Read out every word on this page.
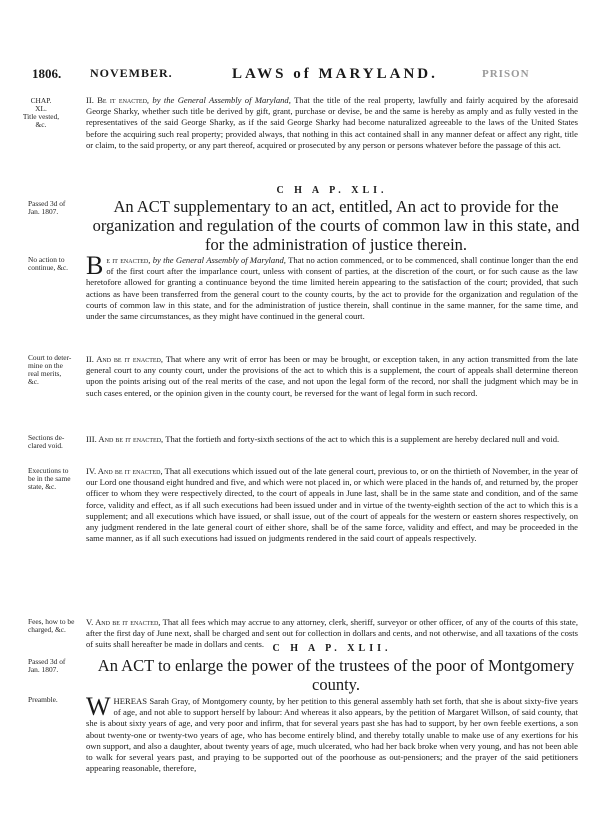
1806. NOVEMBER.	LAWS of MARYLAND.	PRISON
CHAP.
XL.
Title vested,
&c.
Passed 3d of
Jan. 1807.
No action to
continue, &c.
Court to deter-
mine on the
real merits,
&c.
Sections de-
clared void.
Executions to
be in the same
state, &c.
Fees, how to be
charged, &c.
Passed 3d of
Jan. 1807.
Preamble.

II. Be it enacted, by the General Assembly of Maryland, That the title of the real property, lawfully and fairly acquired by the aforesaid George Sharky, whether such title be derived by gift, grant, purchase or devise, be and the same is hereby as amply and as fully vested in the representatives of the said George Sharky, as if the said George Sharky had become naturalized agreeable to the laws of the United States before the acquiring such real property; provided always, that nothing in this act contained shall in any manner defeat or affect any right, title or claim, to the said property, or any part thereof, acquired or prosecuted by any person or persons whatever before the passage of this act.

C H A P. XLI.

An ACT supplementary to an act, entitled, An act to provide for the organization and regulation of the courts of common law in this state, and for the administration of justice therein.

Be it enacted, by the General Assembly of Maryland, That no action commenced, or to be commenced, shall continue longer than the end of the first court after the imparlance court, unless with consent of parties, at the discretion of the court, or for such cause as the law heretofore allowed for granting a continuance beyond the time limited herein appearing to the satisfaction of the court; provided, that such actions as have been transferred from the general court to the county courts, by the act to provide for the organization and regulation of the courts of common law in this state, and for the administration of justice therein, shall continue in the same manner, for the same time, and under the same circumstances, as they might have continued in the general court.

II. And be it enacted, That where any writ of error has been or may be brought, or exception taken, in any action transmitted from the late general court to any county court, under the provisions of the act to which this is a supplement, the court of appeals shall determine thereon upon the points arising out of the real merits of the case, and not upon the legal form of the record, nor shall the judgment which may be in such cases entered, or the opinion given in the county court, be reversed for the want of legal form in such record.

III. And be it enacted, That the fortieth and forty-sixth sections of the act to which this is a supplement are hereby declared null and void.

IV. And be it enacted, That all executions which issued out of the late general court, previous to, or on the thirtieth of November, in the year of our Lord one thousand eight hundred and five, and which were not placed in, or which were placed in the hands of, and returned by, the proper officer to whom they were respectively directed, to the court of appeals in June last, shall be in the same state and condition, and of the same force, validity and effect, as if all such executions had been issued under and in virtue of the twenty-eighth section of the act to which this is a supplement; and all executions which have issued, or shall issue, out of the court of appeals for the western or eastern shores respectively, on any judgment rendered in the late general court of either shore, shall be of the same force, validity and effect, and may be proceeded in the same manner, as if all such executions had issued on judgments rendered in the said court of appeals respectively.

V. And be it enacted, That all fees which may accrue to any attorney, clerk, sheriff, surveyor or other officer, of any of the courts of this state, after the first day of June next, shall be charged and sent out for collection in dollars and cents, and not otherwise, and all taxations of the costs of suits shall hereafter be made in dollars and cents. C H A P. XLII.

An ACT to enlarge the power of the trustees of the poor of Montgomery county.

WHEREAS Sarah Gray, of Montgomery county, by her petition to this general assembly hath set forth, that she is about sixty-five years of age, and not able to support herself by labour: And whereas it also appears, by the petition of Margaret Willson, of said county, that she is about sixty years of age, and very poor and infirm, that for several years past she has had to support, by her own feeble exertions, a son about twenty-one or twenty-two years of age, who has become entirely blind, and thereby totally unable to make use of any exertions for his own support, and also a daughter, about twenty years of age, much ulcerated, who had her back broke when very young, and has not been able to walk for several years past, and praying to be supported out of the poorhouse as out-pensioners; and the prayer of the said petitioners appearing reasonable, therefore,
